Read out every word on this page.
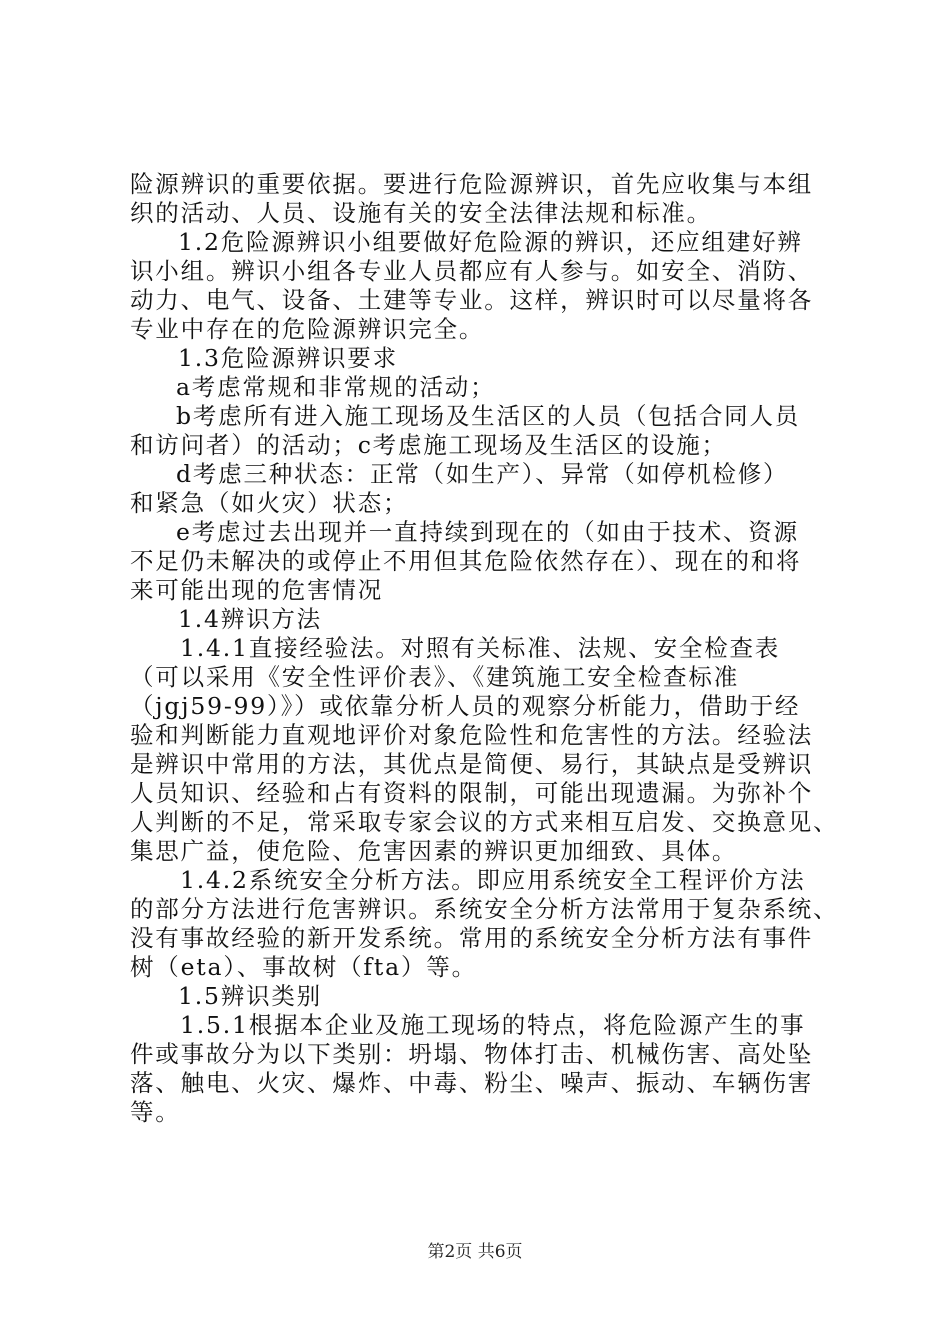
险源辨识的重要依据。要进行危险源辨识，首先应收集与本组
织的活动、人员、设施有关的安全法律法规和标准。
1.2危险源辨识小组要做好危险源的辨识，还应组建好辨
识小组。辨识小组各专业人员都应有人参与。如安全、消防、
动力、电气、设备、土建等专业。这样，辨识时可以尽量将各
专业中存在的危险源辨识完全。
1.3危险源辨识要求
a考虑常规和非常规的活动；
b考虑所有进入施工现场及生活区的人员（包括合同人员
和访问者）的活动；c考虑施工现场及生活区的设施；
d考虑三种状态：正常（如生产）、异常（如停机检修）
和紧急（如火灾）状态；
e考虑过去出现并一直持续到现在的（如由于技术、资源
不足仍未解决的或停止不用但其危险依然存在）、现在的和将
来可能出现的危害情况
1.4辨识方法
1.4.1直接经验法。对照有关标准、法规、安全检查表
（可以采用《安全性评价表》、《建筑施工安全检查标准
（jgj59-99）》）或依靠分析人员的观察分析能力，借助于经
验和判断能力直观地评价对象危险性和危害性的方法。经验法
是辨识中常用的方法，其优点是简便、易行，其缺点是受辨识
人员知识、经验和占有资料的限制，可能出现遗漏。为弥补个
人判断的不足，常采取专家会议的方式来相互启发、交换意见、
集思广益，使危险、危害因素的辨识更加细致、具体。
1.4.2系统安全分析方法。即应用系统安全工程评价方法
的部分方法进行危害辨识。系统安全分析方法常用于复杂系统、
没有事故经验的新开发系统。常用的系统安全分析方法有事件
树（eta）、事故树（fta）等。
1.5辨识类别
1.5.1根据本企业及施工现场的特点，将危险源产生的事
件或事故分为以下类别：坍塌、物体打击、机械伤害、高处坠
落、触电、火灾、爆炸、中毒、粉尘、噪声、振动、车辆伤害
等。
第2页 共6页
